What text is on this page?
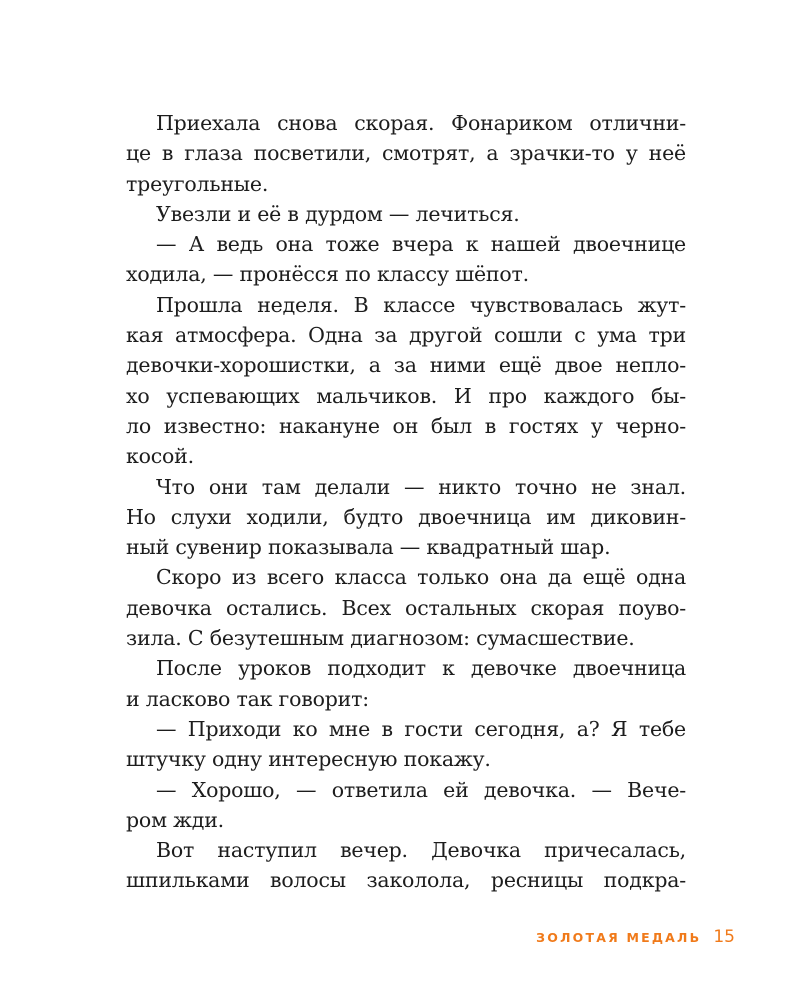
Приехала снова скорая. Фонариком отлични-
це в глаза посветили, смотрят, а зрачки-то у неё
треугольные.
Увезли и её в дурдом — лечиться.
— А ведь она тоже вчера к нашей двоечнице
ходила, — пронёсся по классу шёпот.
Прошла неделя. В классе чувствовалась жут-
кая атмосфера. Одна за другой сошли с ума три
девочки-хорошистки, а за ними ещё двое непло-
хо успевающих мальчиков. И про каждого бы-
ло известно: накануне он был в гостях у черно-
косой.
Что они там делали — никто точно не знал.
Но слухи ходили, будто двоечница им диковин-
ный сувенир показывала — квадратный шар.
Скоро из всего класса только она да ещё одна
девочка остались. Всех остальных скорая поуво-
зила. С безутешным диагнозом: сумасшествие.
После уроков подходит к девочке двоечница
и ласково так говорит:
— Приходи ко мне в гости сегодня, а? Я тебе
штучку одну интересную покажу.
— Хорошо, — ответила ей девочка. — Вече-
ром жди.
Вот наступил вечер. Девочка причесалась,
шпильками волосы заколола, ресницы подкра-
ЗОЛОТАЯ МЕДАЛЬ 15
